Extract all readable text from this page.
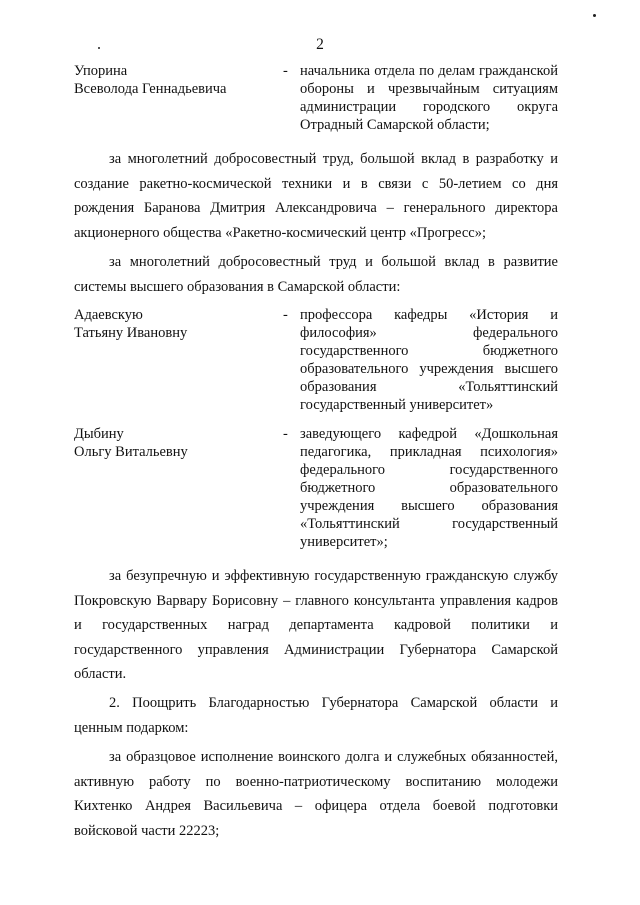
2
Упорина
Всеволода Геннадьевича
- начальника отдела по делам гражданской обороны и чрезвычайным ситуациям администрации городского округа Отрадный Самарской области;
за многолетний добросовестный труд, большой вклад в разработку и создание ракетно-космической техники и в связи с 50-летием со дня рождения Баранова Дмитрия Александровича – генерального директора акционерного общества «Ракетно-космический центр «Прогресс»;
за многолетний добросовестный труд и большой вклад в развитие системы высшего образования в Самарской области:
Адаевскую
Татьяну Ивановну
- профессора кафедры «История и философия» федерального государственного бюджетного образовательного учреждения высшего образования «Тольяттинский государственный университет»
Дыбину
Ольгу Витальевну
- заведующего кафедрой «Дошкольная педагогика, прикладная психология» федерального государственного бюджетного образовательного учреждения высшего образования «Тольяттинский государственный университет»;
за безупречную и эффективную государственную гражданскую службу Покровскую Варвару Борисовну – главного консультанта управления кадров и государственных наград департамента кадровой политики и государственного управления Администрации Губернатора Самарской области.
2. Поощрить Благодарностью Губернатора Самарской области и ценным подарком:
за образцовое исполнение воинского долга и служебных обязанностей, активную работу по военно-патриотическому воспитанию молодежи Кихтенко Андрея Васильевича – офицера отдела боевой подготовки войсковой части 22223;
